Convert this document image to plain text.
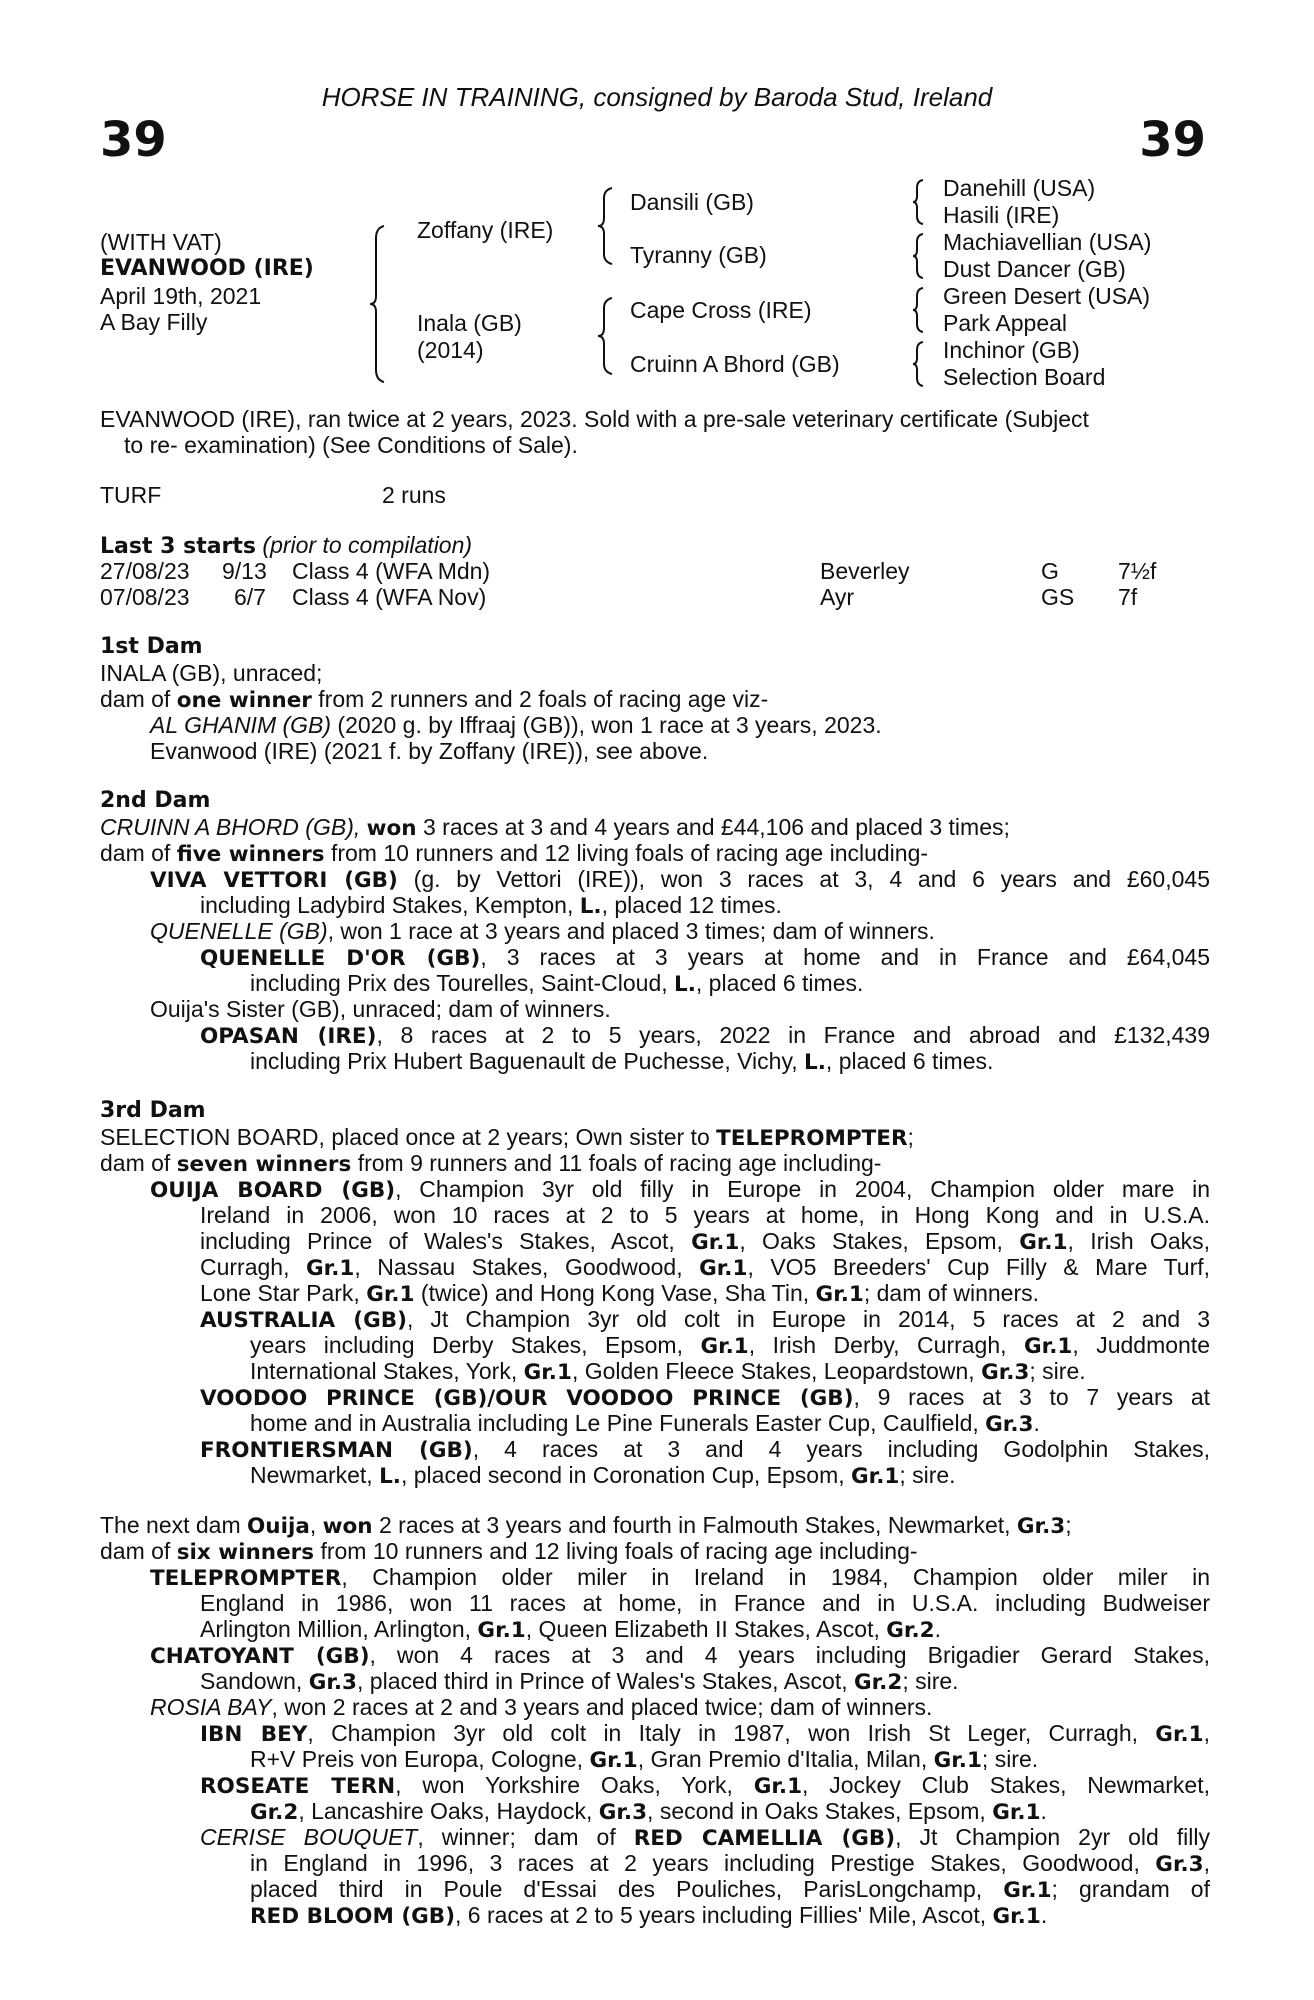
HORSE IN TRAINING, consigned by Baroda Stud, Ireland
39	39
(WITH VAT)
EVANWOOD (IRE)
April 19th, 2021
A Bay Filly
Zoffany (IRE)
Inala (GB)
(2014)
Dansili (GB)
Tyranny (GB)
Cape Cross (IRE)
Cruinn A Bhord (GB)
Danehill (USA)
Hasili (IRE)
Machiavellian (USA)
Dust Dancer (GB)
Green Desert (USA)
Park Appeal
Inchinor (GB)
Selection Board
EVANWOOD (IRE), ran twice at 2 years, 2023. Sold with a pre-sale veterinary certificate (Subject
to re- examination) (See Conditions of Sale).
TURF	2 runs
Last 3 starts (prior to compilation)
27/08/23	9/13	Class 4 (WFA Mdn)	Beverley	G	7½f
07/08/23	6/7	Class 4 (WFA Nov)	Ayr	GS	7f
1st Dam
INALA (GB), unraced;
dam of one winner from 2 runners and 2 foals of racing age viz-
AL GHANIM (GB) (2020 g. by Iffraaj (GB)), won 1 race at 3 years, 2023.
Evanwood (IRE) (2021 f. by Zoffany (IRE)), see above.
2nd Dam
CRUINN A BHORD (GB), won 3 races at 3 and 4 years and £44,106 and placed 3 times;
dam of five winners from 10 runners and 12 living foals of racing age including-
VIVA VETTORI (GB) (g. by Vettori (IRE)), won 3 races at 3, 4 and 6 years and £60,045
including Ladybird Stakes, Kempton, L., placed 12 times.
QUENELLE (GB), won 1 race at 3 years and placed 3 times; dam of winners.
QUENELLE D'OR (GB), 3 races at 3 years at home and in France and £64,045
including Prix des Tourelles, Saint-Cloud, L., placed 6 times.
Ouija's Sister (GB), unraced; dam of winners.
OPASAN (IRE), 8 races at 2 to 5 years, 2022 in France and abroad and £132,439
including Prix Hubert Baguenault de Puchesse, Vichy, L., placed 6 times.
3rd Dam
SELECTION BOARD, placed once at 2 years; Own sister to TELEPROMPTER;
dam of seven winners from 9 runners and 11 foals of racing age including-
OUIJA BOARD (GB), Champion 3yr old filly in Europe in 2004, Champion older mare in
Ireland in 2006, won 10 races at 2 to 5 years at home, in Hong Kong and in U.S.A.
including Prince of Wales's Stakes, Ascot, Gr.1, Oaks Stakes, Epsom, Gr.1, Irish Oaks,
Curragh, Gr.1, Nassau Stakes, Goodwood, Gr.1, VO5 Breeders' Cup Filly & Mare Turf,
Lone Star Park, Gr.1 (twice) and Hong Kong Vase, Sha Tin, Gr.1; dam of winners.
AUSTRALIA (GB), Jt Champion 3yr old colt in Europe in 2014, 5 races at 2 and 3
years including Derby Stakes, Epsom, Gr.1, Irish Derby, Curragh, Gr.1, Juddmonte
International Stakes, York, Gr.1, Golden Fleece Stakes, Leopardstown, Gr.3; sire.
VOODOO PRINCE (GB)/OUR VOODOO PRINCE (GB), 9 races at 3 to 7 years at
home and in Australia including Le Pine Funerals Easter Cup, Caulfield, Gr.3.
FRONTIERSMAN (GB), 4 races at 3 and 4 years including Godolphin Stakes,
Newmarket, L., placed second in Coronation Cup, Epsom, Gr.1; sire.
The next dam Ouija, won 2 races at 3 years and fourth in Falmouth Stakes, Newmarket, Gr.3;
dam of six winners from 10 runners and 12 living foals of racing age including-
TELEPROMPTER, Champion older miler in Ireland in 1984, Champion older miler in
England in 1986, won 11 races at home, in France and in U.S.A. including Budweiser
Arlington Million, Arlington, Gr.1, Queen Elizabeth II Stakes, Ascot, Gr.2.
CHATOYANT (GB), won 4 races at 3 and 4 years including Brigadier Gerard Stakes,
Sandown, Gr.3, placed third in Prince of Wales's Stakes, Ascot, Gr.2; sire.
ROSIA BAY, won 2 races at 2 and 3 years and placed twice; dam of winners.
IBN BEY, Champion 3yr old colt in Italy in 1987, won Irish St Leger, Curragh, Gr.1,
R+V Preis von Europa, Cologne, Gr.1, Gran Premio d'Italia, Milan, Gr.1; sire.
ROSEATE TERN, won Yorkshire Oaks, York, Gr.1, Jockey Club Stakes, Newmarket,
Gr.2, Lancashire Oaks, Haydock, Gr.3, second in Oaks Stakes, Epsom, Gr.1.
CERISE BOUQUET, winner; dam of RED CAMELLIA (GB), Jt Champion 2yr old filly
in England in 1996, 3 races at 2 years including Prestige Stakes, Goodwood, Gr.3,
placed third in Poule d'Essai des Pouliches, ParisLongchamp, Gr.1; grandam of
RED BLOOM (GB), 6 races at 2 to 5 years including Fillies' Mile, Ascot, Gr.1.
